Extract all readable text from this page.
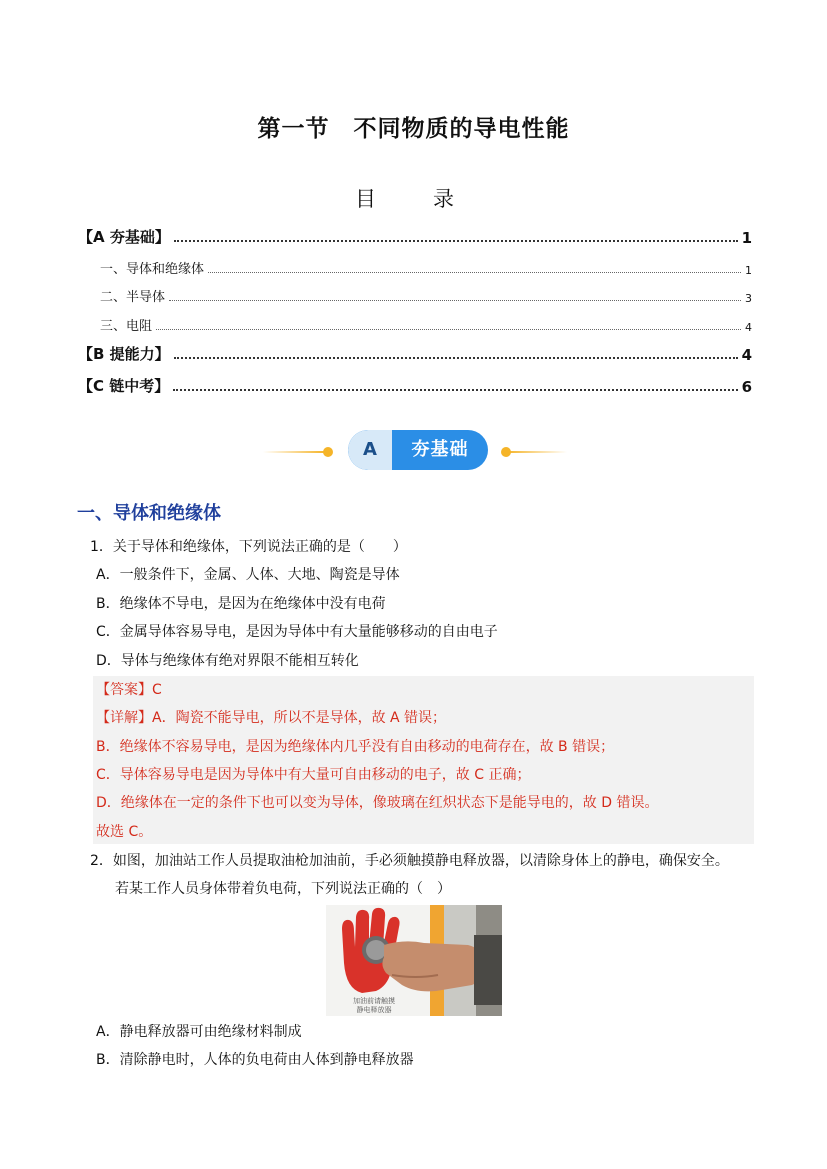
第一节　不同物质的导电性能
目　录
【A 夯基础】	1
一、导体和绝缘体	1
二、半导体	3
三、电阻	4
【B 提能力】	4
【C 链中考】	6
A	夯基础
一、导体和绝缘体
1．关于导体和绝缘体，下列说法正确的是（　　）
A．一般条件下，金属、人体、大地、陶瓷是导体
B．绝缘体不导电，是因为在绝缘体中没有电荷
C．金属导体容易导电，是因为导体中有大量能够移动的自由电子
D．导体与绝缘体有绝对界限不能相互转化
【答案】C
【详解】A．陶瓷不能导电，所以不是导体，故 A 错误；
B．绝缘体不容易导电，是因为绝缘体内几乎没有自由移动的电荷存在，故 B 错误；
C．导体容易导电是因为导体中有大量可自由移动的电子，故 C 正确；
D．绝缘体在一定的条件下也可以变为导体，像玻璃在红炽状态下是能导电的，故 D 错误。
故选 C。
2．如图，加油站工作人员提取油枪加油前，手必须触摸静电释放器，以清除身体上的静电，确保安全。
若某工作人员身体带着负电荷，下列说法正确的（　）
加油前请触摸
静电释放器
A．静电释放器可由绝缘材料制成
B．清除静电时，人体的负电荷由人体到静电释放器
